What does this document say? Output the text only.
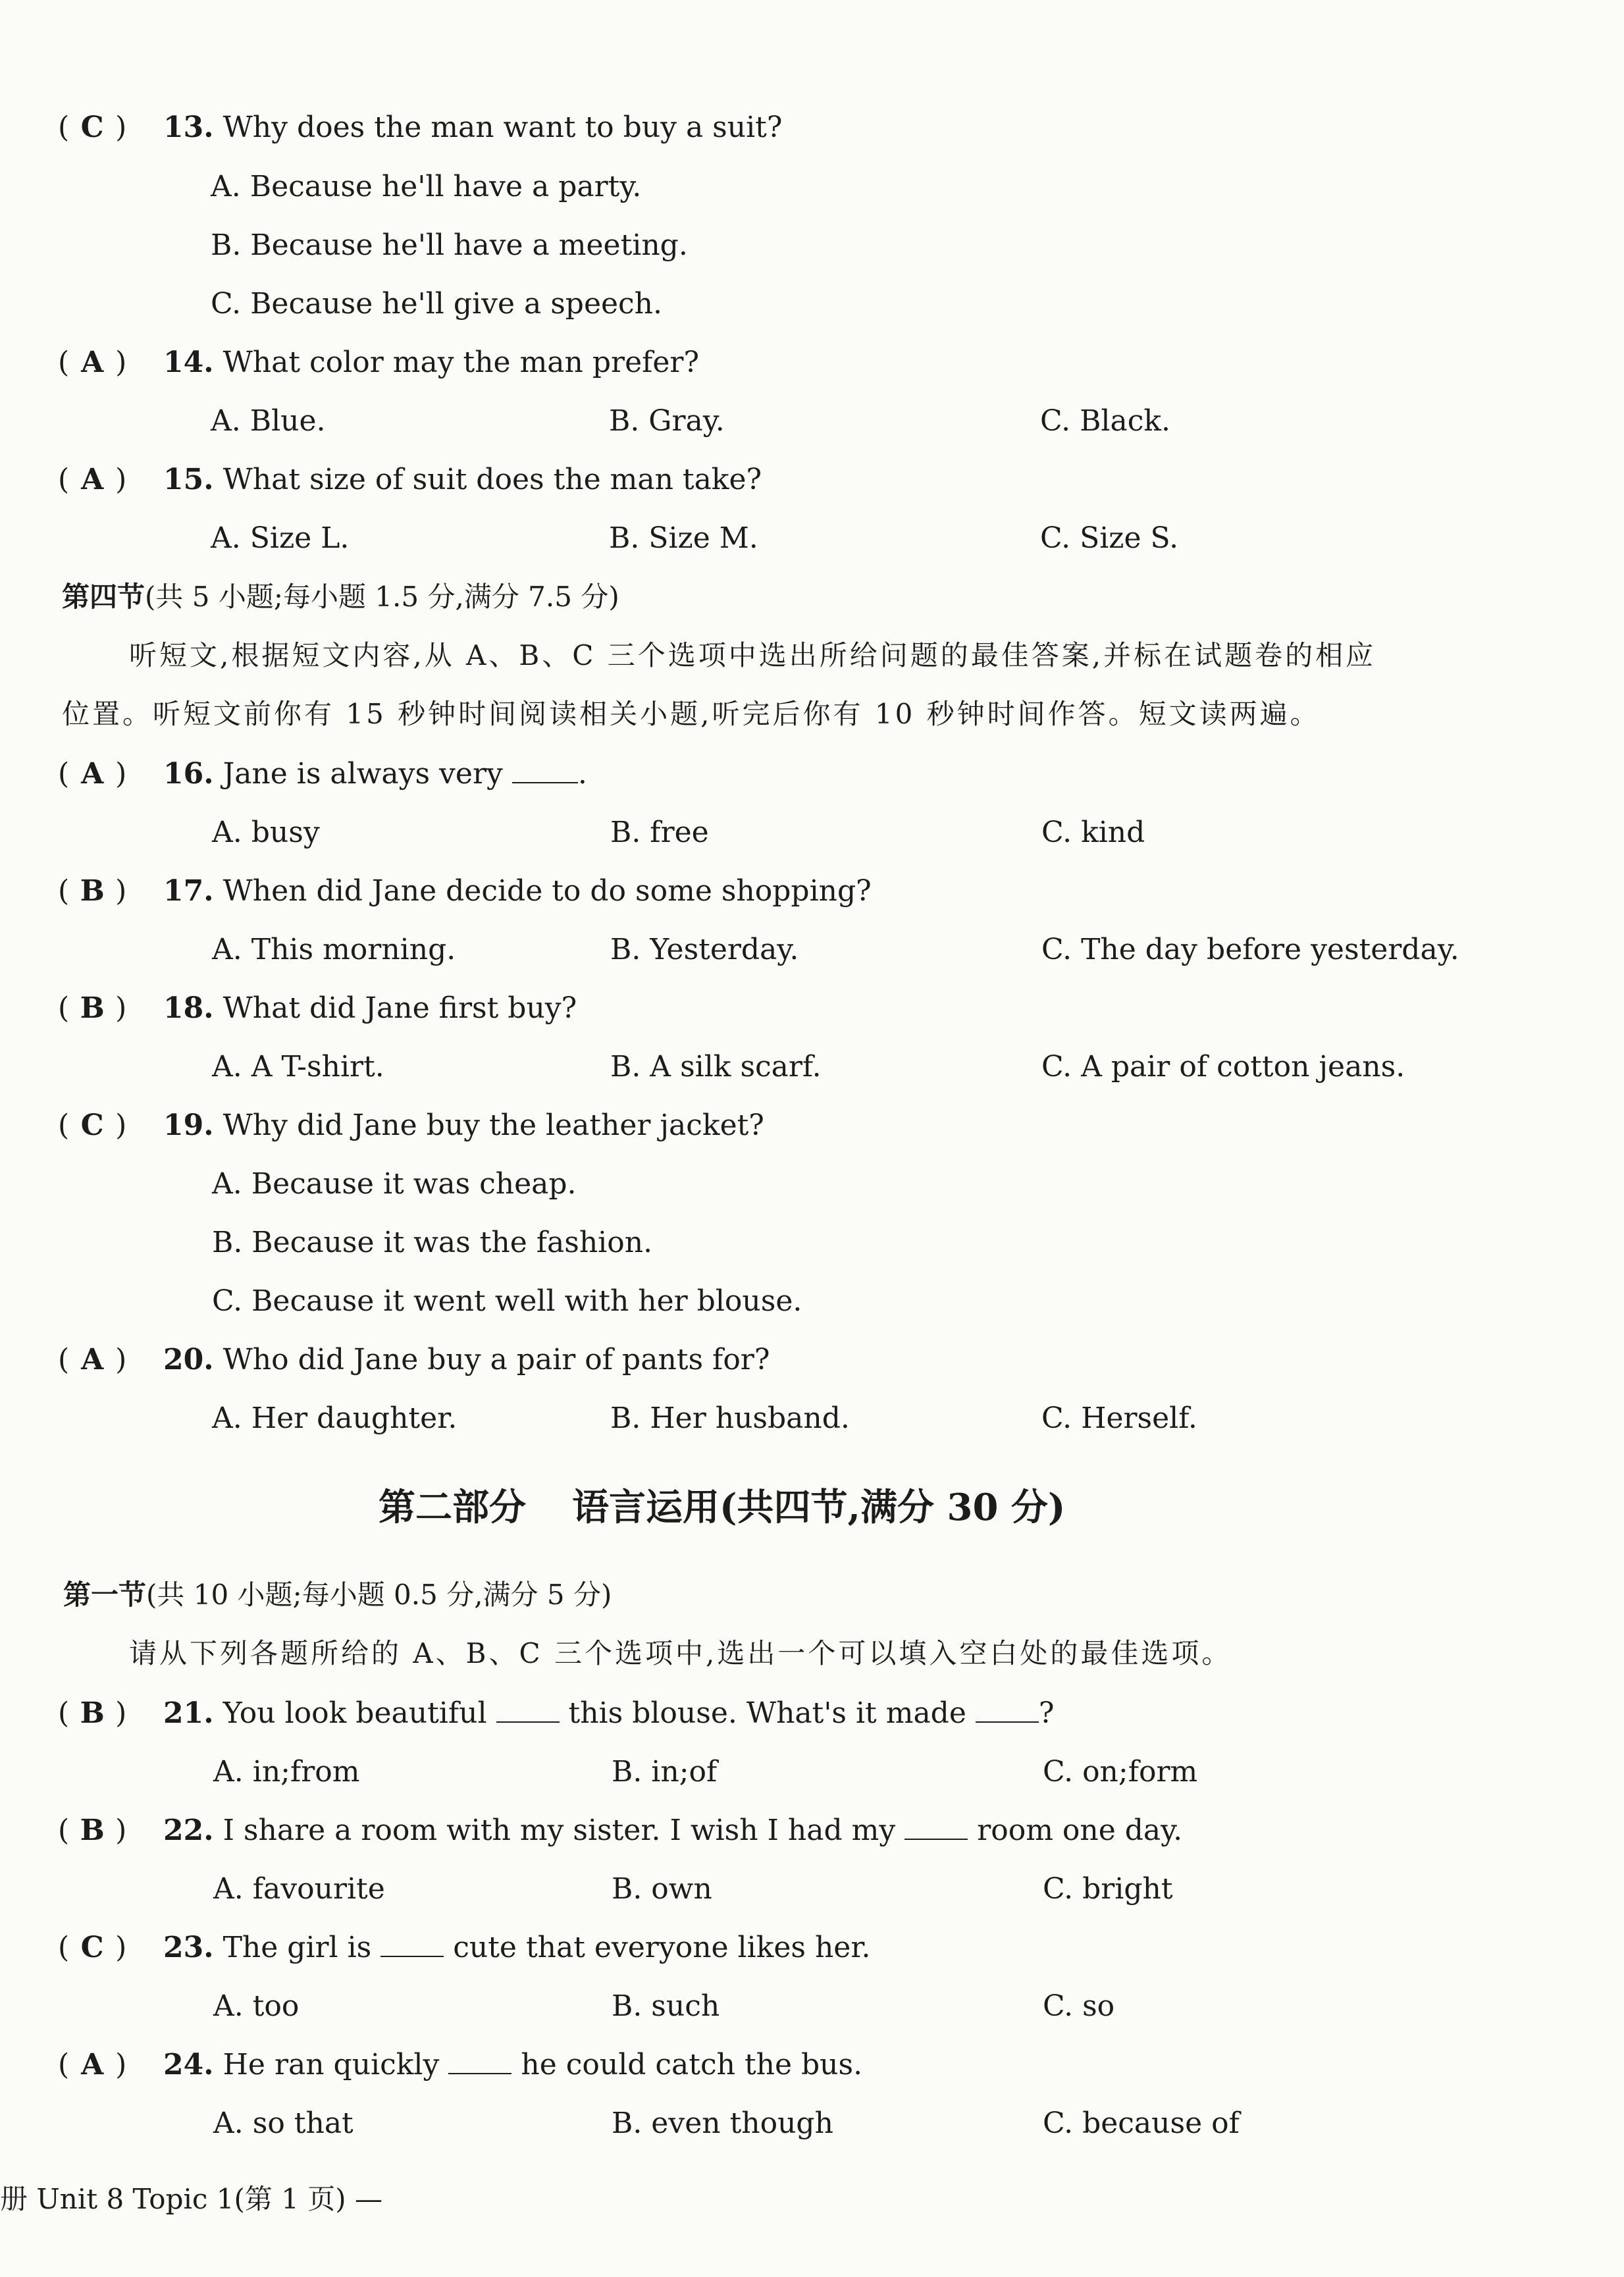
( C ) 13. Why does the man want to buy a suit?
A. Because he'll have a party.
B. Because he'll have a meeting.
C. Because he'll give a speech.
( A ) 14. What color may the man prefer?
A. Blue.	B. Gray.	C. Black.
( A ) 15. What size of suit does the man take?
A. Size L.	B. Size M.	C. Size S.
第四节(共 5 小题;每小题 1.5 分,满分 7.5 分)
听短文,根据短文内容,从 A、B、C 三个选项中选出所给问题的最佳答案,并标在试题卷的相应
位置。听短文前你有 15 秒钟时间阅读相关小题,听完后你有 10 秒钟时间作答。短文读两遍。
( A ) 16. Jane is always very	.
A. busy	B. free	C. kind
( B ) 17. When did Jane decide to do some shopping?
A. This morning.	B. Yesterday.	C. The day before yesterday.
( B ) 18. What did Jane first buy?
A. A T-shirt.	B. A silk scarf.	C. A pair of cotton jeans.
( C ) 19. Why did Jane buy the leather jacket?
A. Because it was cheap.
B. Because it was the fashion.
C. Because it went well with her blouse.
( A ) 20. Who did Jane buy a pair of pants for?
A. Her daughter.	B. Her husband.	C. Herself.
第二部分 语言运用(共四节,满分 30 分)
第一节(共 10 小题;每小题 0.5 分,满分 5 分)
请从下列各题所给的 A、B、C 三个选项中,选出一个可以填入空白处的最佳选项。
( B ) 21. You look beautiful	this blouse. What's it made	?
A. in;from	B. in;of	C. on;form
( B ) 22. I share a room with my sister. I wish I had my	room one day.
A. favourite	B. own	C. bright
( C ) 23. The girl is	cute that everyone likes her.
A. too	B. such	C. so
( A ) 24. He ran quickly	he could catch the bus.
A. so that	B. even though	C. because of
册 Unit 8 Topic 1(第 1 页) —
